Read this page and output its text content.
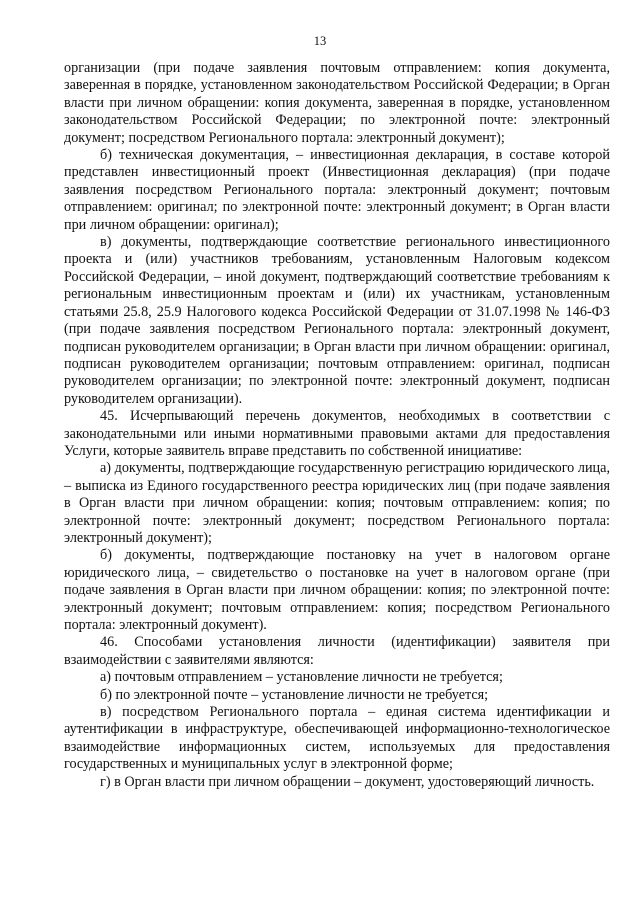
13

организации (при подаче заявления почтовым отправлением: копия документа, заверенная в порядке, установленном законодательством Российской Федерации; в Орган власти при личном обращении: копия документа, заверенная в порядке, установленном законодательством Российской Федерации; по электронной почте: электронный документ; посредством Регионального портала: электронный документ);

б) техническая документация, – инвестиционная декларация, в составе которой представлен инвестиционный проект (Инвестиционная декларация) (при подаче заявления посредством Регионального портала: электронный документ; почтовым отправлением: оригинал; по электронной почте: электронный документ; в Орган власти при личном обращении: оригинал);

в) документы, подтверждающие соответствие регионального инвестиционного проекта и (или) участников требованиям, установленным Налоговым кодексом Российской Федерации, – иной документ, подтверждающий соответствие требованиям к региональным инвестиционным проектам и (или) их участникам, установленным статьями 25.8, 25.9 Налогового кодекса Российской Федерации от 31.07.1998 № 146-ФЗ (при подаче заявления посредством Регионального портала: электронный документ, подписан руководителем организации; в Орган власти при личном обращении: оригинал, подписан руководителем организации; почтовым отправлением: оригинал, подписан руководителем организации; по электронной почте: электронный документ, подписан руководителем организации).

45. Исчерпывающий перечень документов, необходимых в соответствии с законодательными или иными нормативными правовыми актами для предоставления Услуги, которые заявитель вправе представить по собственной инициативе:

а) документы, подтверждающие государственную регистрацию юридического лица, – выписка из Единого государственного реестра юридических лиц (при подаче заявления в Орган власти при личном обращении: копия; почтовым отправлением: копия; по электронной почте: электронный документ; посредством Регионального портала: электронный документ);

б) документы, подтверждающие постановку на учет в налоговом органе юридического лица, – свидетельство о постановке на учет в налоговом органе (при подаче заявления в Орган власти при личном обращении: копия; по электронной почте: электронный документ; почтовым отправлением: копия; посредством Регионального портала: электронный документ).

46. Способами установления личности (идентификации) заявителя при взаимодействии с заявителями являются:

а) почтовым отправлением – установление личности не требуется;

б) по электронной почте – установление личности не требуется;

в) посредством Регионального портала – единая система идентификации и аутентификации в инфраструктуре, обеспечивающей информационно-технологическое взаимодействие информационных систем, используемых для предоставления государственных и муниципальных услуг в электронной форме;

г) в Орган власти при личном обращении – документ, удостоверяющий личность.
